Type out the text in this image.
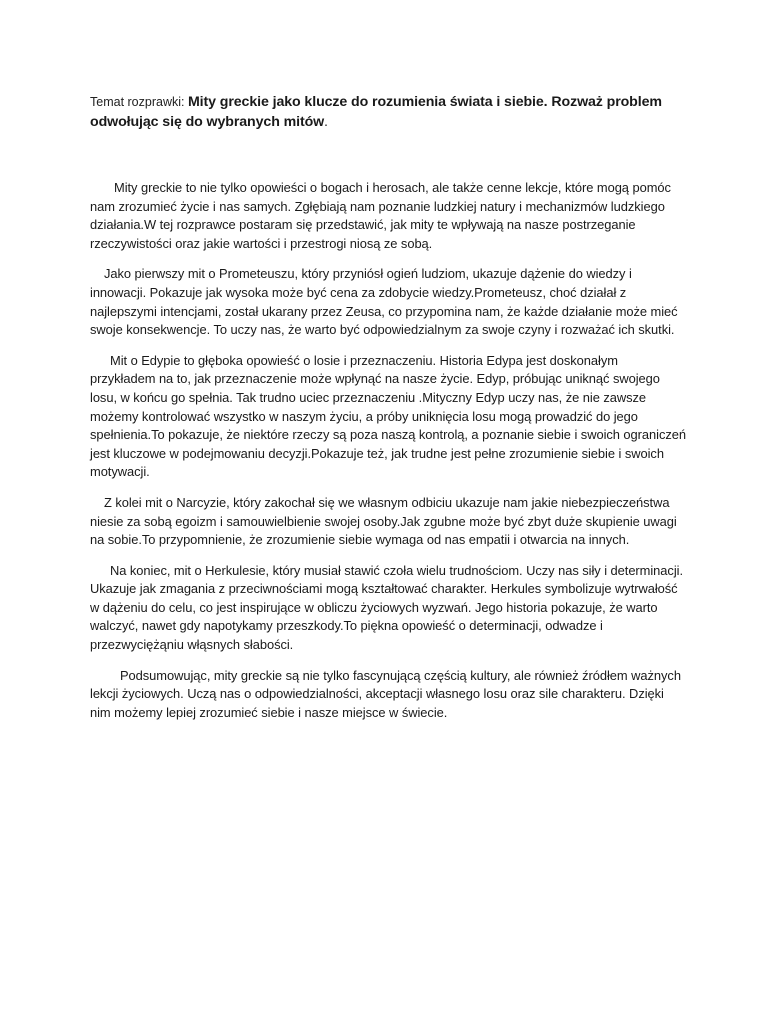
Temat rozprawki: Mity greckie jako klucze do rozumienia świata i siebie. Rozważ problem odwołując się do wybranych mitów.

Mity greckie to nie tylko opowieści o bogach i herosach, ale także cenne lekcje, które mogą pomóc nam zrozumieć życie i nas samych. Zgłębiają nam poznanie ludzkiej natury i mechanizmów ludzkiego działania.W tej rozprawce postaram się przedstawić, jak mity te wpływają na nasze postrzeganie rzeczywistości oraz jakie wartości i przestrogi niosą ze sobą.

Jako pierwszy mit o Prometeuszu, który przyniósł ogień ludziom, ukazuje dążenie do wiedzy i innowacji. Pokazuje jak wysoka może być cena za zdobycie wiedzy.Prometeusz, choć działał z najlepszymi intencjami, został ukarany przez Zeusa, co przypomina nam, że każde działanie może mieć swoje konsekwencje. To uczy nas, że warto być odpowiedzialnym za swoje czyny i rozważać ich skutki.

Mit o Edypie to głęboka opowieść o losie i przeznaczeniu. Historia Edypa jest doskonałym przykładem na to, jak przeznaczenie może wpłynąć na nasze życie. Edyp, próbując uniknąć swojego losu, w końcu go spełnia. Tak trudno uciec przeznaczeniu .Mityczny Edyp uczy nas, że nie zawsze możemy kontrolować wszystko w naszym życiu, a próby uniknięcia losu mogą prowadzić do jego spełnienia.To pokazuje, że niektóre rzeczy są poza naszą kontrolą, a poznanie siebie i swoich ograniczeń jest kluczowe w podejmowaniu decyzji.Pokazuje też, jak trudne jest pełne zrozumienie siebie i swoich motywacji.

Z kolei mit o Narcyzie, który zakochał się we własnym odbiciu ukazuje nam jakie niebezpieczeństwa niesie za sobą egoizm i samouwielbienie swojej osoby.Jak zgubne może być zbyt duże skupienie uwagi na sobie.To przypomnienie, że zrozumienie siebie wymaga od nas empatii i otwarcia na innych.

Na koniec, mit o Herkulesie, który musiał stawić czoła wielu trudnościom. Uczy nas siły i determinacji. Ukazuje jak zmagania z przeciwnościami mogą kształtować charakter. Herkules symbolizuje wytrwałość w dążeniu do celu, co jest inspirujące w obliczu życiowych wyzwań. Jego historia pokazuje, że warto walczyć, nawet gdy napotykamy przeszkody.To piękna opowieść o determinacji, odwadze i przezwyciężąniu włąsnych słabości.

Podsumowując, mity greckie są nie tylko fascynującą częścią kultury, ale również źródłem ważnych lekcji życiowych. Uczą nas o odpowiedzialności, akceptacji własnego losu oraz sile charakteru. Dzięki nim możemy lepiej zrozumieć siebie i nasze miejsce w świecie.
